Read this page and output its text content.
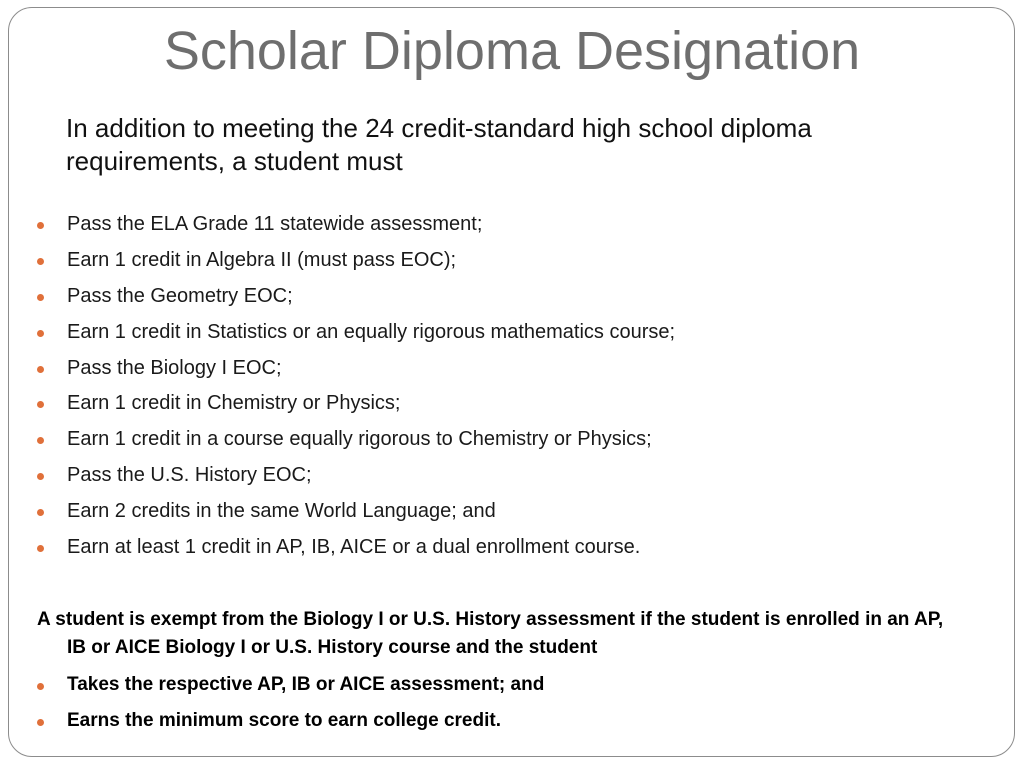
Scholar Diploma Designation
In addition to meeting the 24 credit-standard high school diploma requirements, a student must
Pass the ELA Grade 11 statewide assessment;
Earn 1 credit in Algebra II (must pass EOC);
Pass the Geometry EOC;
Earn 1 credit in Statistics or an equally rigorous mathematics course;
Pass the Biology I EOC;
Earn 1 credit in Chemistry or Physics;
Earn 1 credit in a course equally rigorous to Chemistry or Physics;
Pass the U.S. History EOC;
Earn 2 credits in the same World Language; and
Earn at least 1 credit in AP, IB, AICE or a dual enrollment course.
A student is exempt from the Biology I or U.S. History assessment if the student is enrolled in an AP, IB or AICE Biology I or U.S. History course and the student
Takes the respective AP, IB or AICE assessment; and
Earns the minimum score to earn college credit.
